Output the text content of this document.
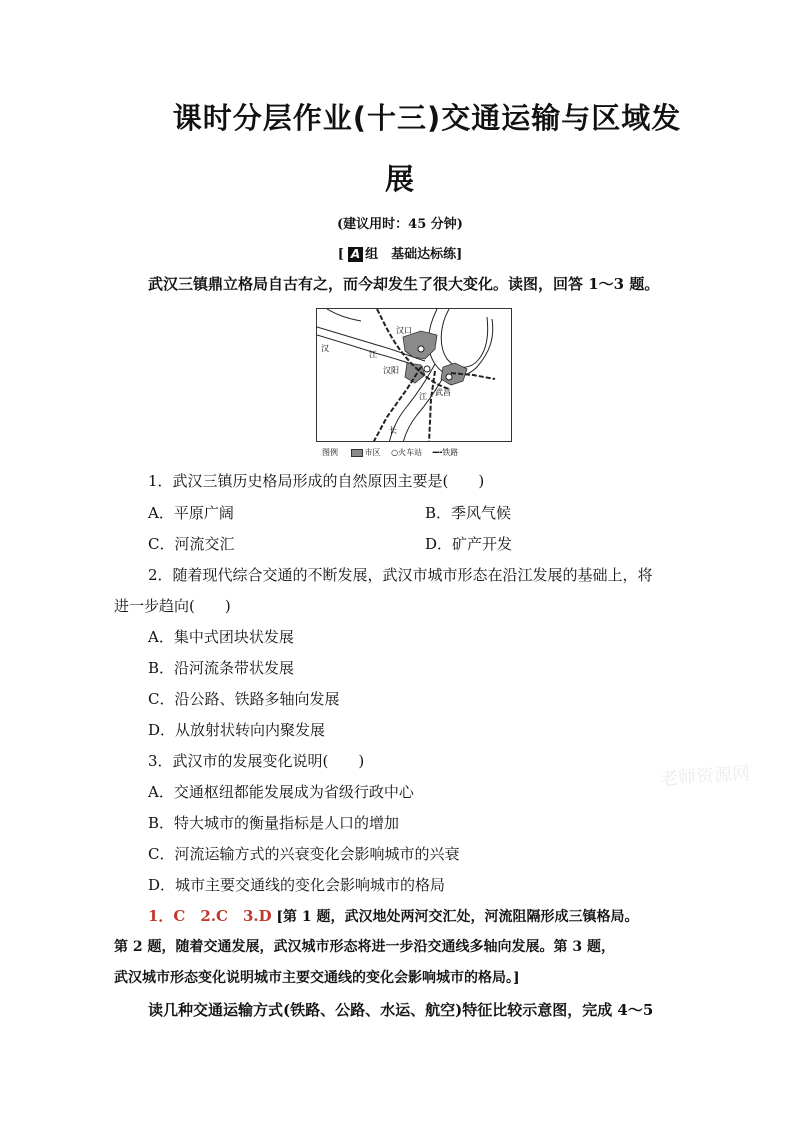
课时分层作业(十三)交通运输与区域发
展
(建议用时：45 分钟)
[ A 组　基础达标练]
武汉三镇鼎立格局自古有之，而今却发生了很大变化。读图，回答 1～3 题。
汉口
汉
江
汉阳
武昌
江
长
图例	市区 ○火车站 ━╍铁路
1．武汉三镇历史格局形成的自然原因主要是(　　)
A．平原广阔	B．季风气候
C．河流交汇	D．矿产开发
2．随着现代综合交通的不断发展，武汉市城市形态在沿江发展的基础上，将
进一步趋向(　　)
A．集中式团块状发展
B．沿河流条带状发展
C．沿公路、铁路多轴向发展
D．从放射状转向内聚发展
3．武汉市的发展变化说明(　　)
A．交通枢纽都能发展成为省级行政中心
B．特大城市的衡量指标是人口的增加
C．河流运输方式的兴衰变化会影响城市的兴衰
D．城市主要交通线的变化会影响城市的格局
1．C　2.C　3.D [第 1 题，武汉地处两河交汇处，河流阻隔形成三镇格局。
第 2 题，随着交通发展，武汉城市形态将进一步沿交通线多轴向发展。第 3 题，
武汉城市形态变化说明城市主要交通线的变化会影响城市的格局。]
读几种交通运输方式(铁路、公路、水运、航空)特征比较示意图，完成 4～5
老师资源网
